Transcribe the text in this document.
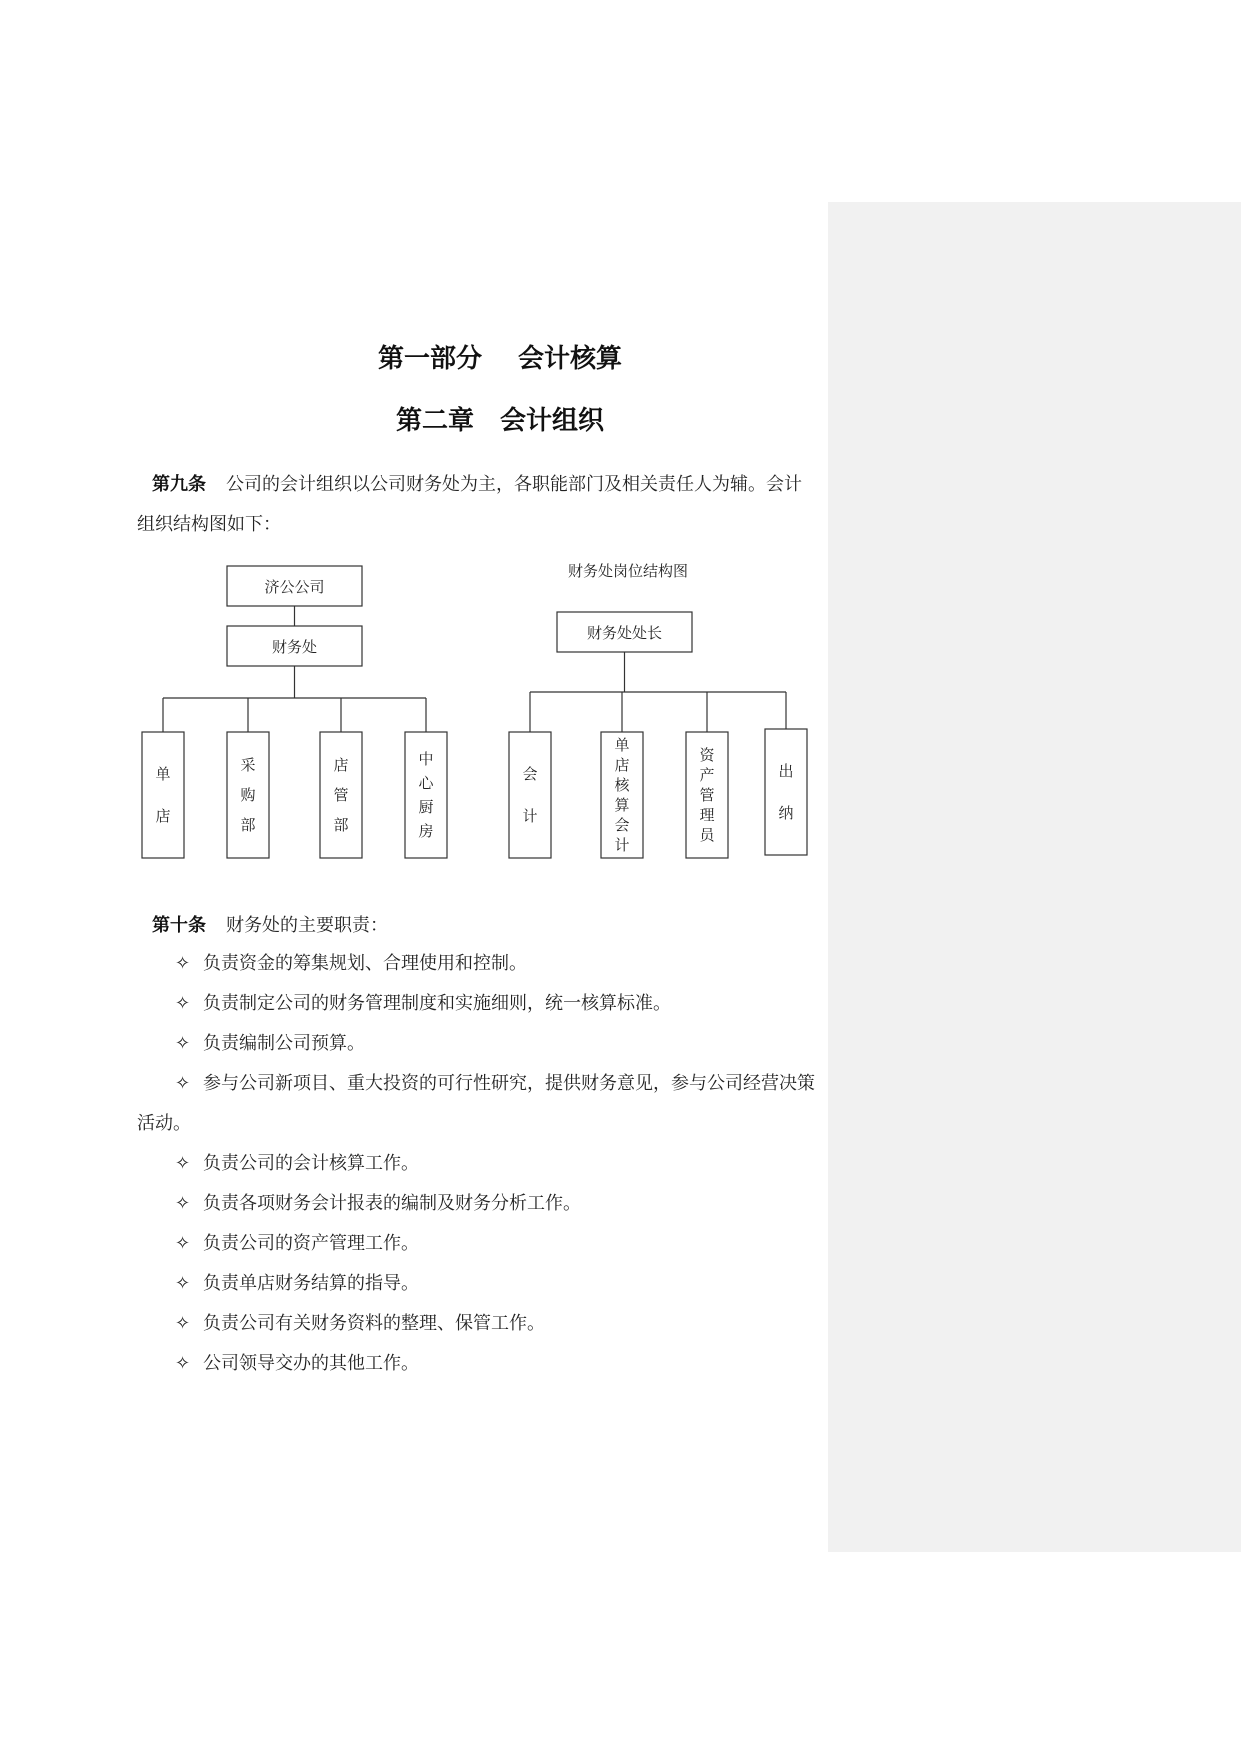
第一部分 会计核算
第二章 会计组织
第九条 公司的会计组织以公司财务处为主，各职能部门及相关责任人为辅。会计组织结构图如下：
济公公司
财务处
财务处岗位结构图
财务处处长
单店
采购部
店管部
中心厨房
会计
单店核算会计
资产管理员
出纳
第十条 财务处的主要职责：
✧ 负责资金的筹集规划、合理使用和控制。
✧ 负责制定公司的财务管理制度和实施细则，统一核算标准。
✧ 负责编制公司预算。
✧ 参与公司新项目、重大投资的可行性研究，提供财务意见，参与公司经营决策活动。
✧ 负责公司的会计核算工作。
✧ 负责各项财务会计报表的编制及财务分析工作。
✧ 负责公司的资产管理工作。
✧ 负责单店财务结算的指导。
✧ 负责公司有关财务资料的整理、保管工作。
✧ 公司领导交办的其他工作。
